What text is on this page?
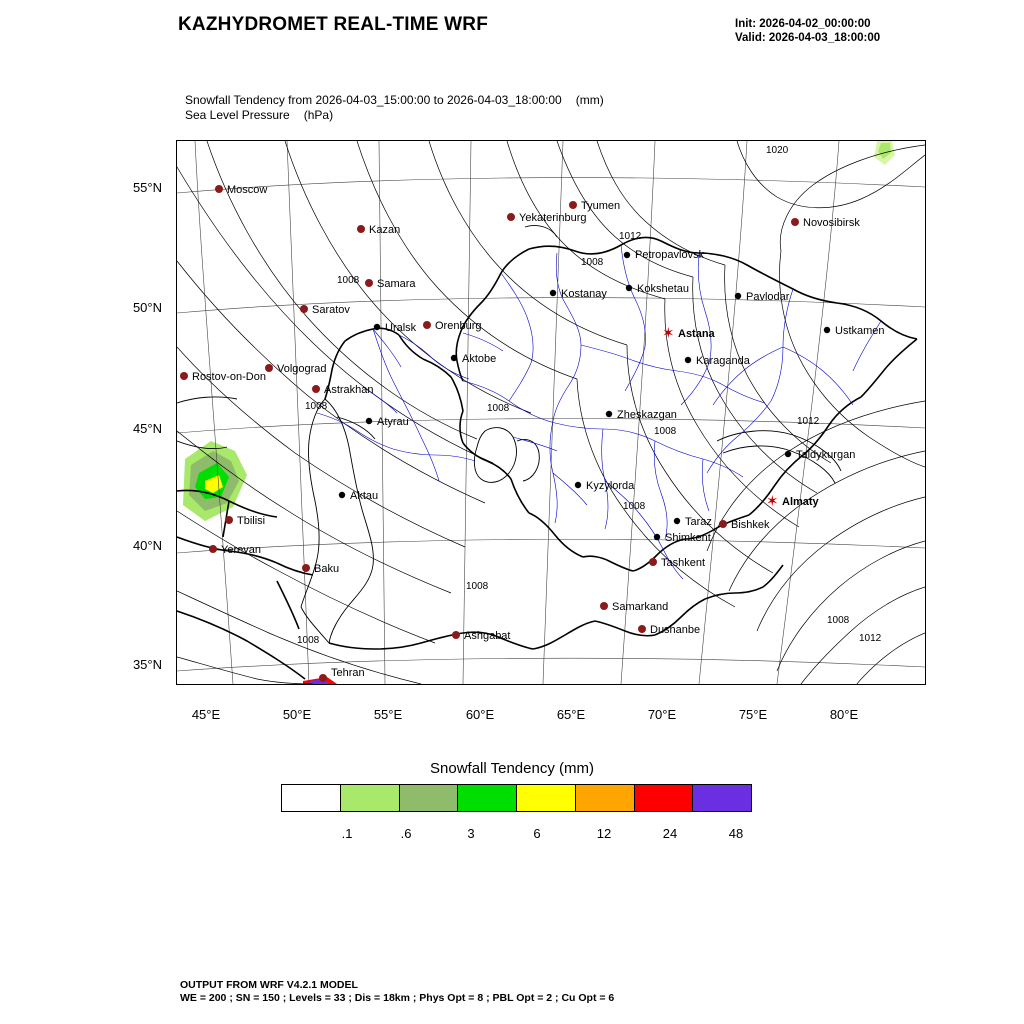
KAZHYDROMET REAL-TIME WRF	Init: 2026-04-02_00:00:00
Valid: 2026-04-03_18:00:00
Snowfall Tendency from 2026-04-03_15:00:00 to 2026-04-03_18:00:00 (mm)
Sea Level Pressure (hPa)
55°N
50°N
45°N
40°N
35°N
45°E	50°E	55°E	60°E	65°E	70°E	75°E	80°E
1020
1012
1008
1008
1012
1008	1008
1008
1008
1008
1008
1008
1012
Moscow
Kazan
Yekaterinburg
Tyumen
Novosibirsk
Samara
Petropavlovsk
Kokshetau
Kostanay	Pavlodar
Saratov
Uralsk Orenburg	✶ Astana	Ustkamen
Aktobe	Karaganda
Volgograd
Rostov-on-Don
Astrakhan
Atyrau
Zheskazgan
Taldykurgan
Kyzylorda
Aktau	✶ Almaty
Taraz Bishkek
Shimkent
Tbilisi
Yerevan
Tashkent
Baku
Samarkand
Dushanbe
Ashgabat
Tehran
Snowfall Tendency (mm)
.1	.6	3	6	12	24	48
OUTPUT FROM WRF V4.2.1 MODEL
WE = 200 ; SN = 150 ; Levels = 33 ; Dis = 18km ; Phys Opt = 8 ; PBL Opt = 2 ; Cu Opt = 6
